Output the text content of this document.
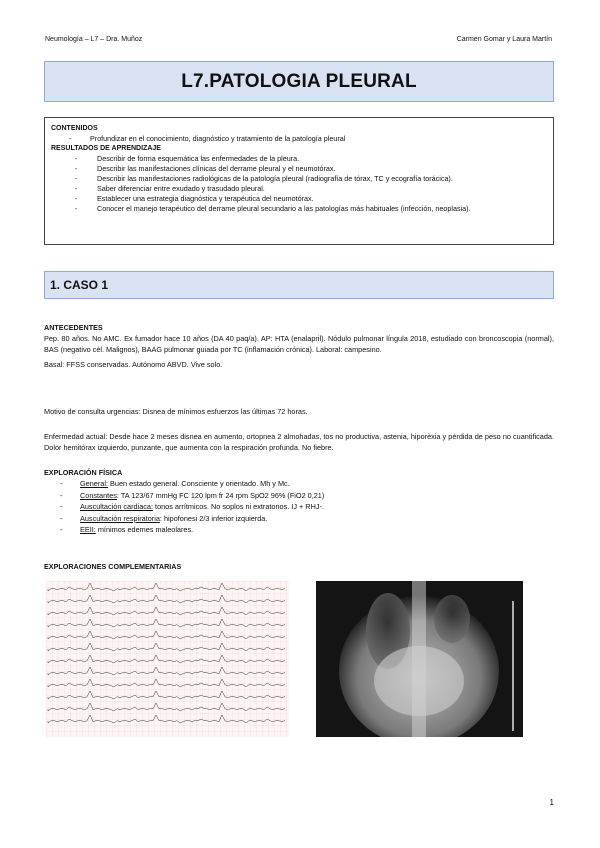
Neumología – L7 – Dra. Muñoz	Carmen Gomar y Laura Martín
L7.PATOLOGIA PLEURAL
CONTENIDOS
- Profundizar en el conocimiento, diagnóstico y tratamiento de la patología pleural
RESULTADOS DE APRENDIZAJE
- Describir de forma esquemática las enfermedades de la pleura.
- Describir las manifestaciones clínicas del derrame pleural y el neumotórax.
- Describir las manifestaciones radiológicas de la patología pleural (radiografía de tórax, TC y ecografía torácica).
- Saber diferenciar entre exudado y trasudado pleural.
- Establecer una estrategia diagnóstica y terapéutica del neumotórax.
- Conocer el manejo terapéutico del derrame pleural secundario a las patologías más habituales (infección, neoplasia).
1. CASO 1
ANTECEDENTES
Pep. 80 años. No AMC. Ex fumador hace 10 años (DA 40 paq/a). AP: HTA (enalapril). Nódulo pulmonar língula 2018, estudiado con broncoscopia (normal), BAS (negativo cèl. Malignos), BAAG pulmonar guiada por TC (inflamación crónica). Laboral: campesino.
Basal: FFSS conservadas. Autónomo ABVD. Vive solo.
Motivo de consulta urgencias: Disnea de mínimos esfuerzos las últimas 72 horas.
Enfermedad actual: Desde hace 2 meses disnea en aumento, ortopnea 2 almohadas, tos no productiva, astenia, hiporèxia y pérdida de peso no cuantificada. Dolor hemitórax izquierdo, punzante, que aumenta con la respiración profunda. No fiebre.
EXPLORACIÓN FÍSICA
- General: Buen estado general. Consciente y orientado. Mh y Mc.
- Constantes: TA 123/67 mmHg FC 120 lpm fr 24 rpm SpO2 96% (FiO2 0,21)
- Auscultación cardiaca: tonos arrítmicos. No soplos ni extratonos. IJ + RHJ-.
- Auscultación respiratoria: hipofonesi 2/3 inferior izquierda.
- EEII: mínimos edemes maleolares.
EXPLORACIONES COMPLEMENTARIAS
1
